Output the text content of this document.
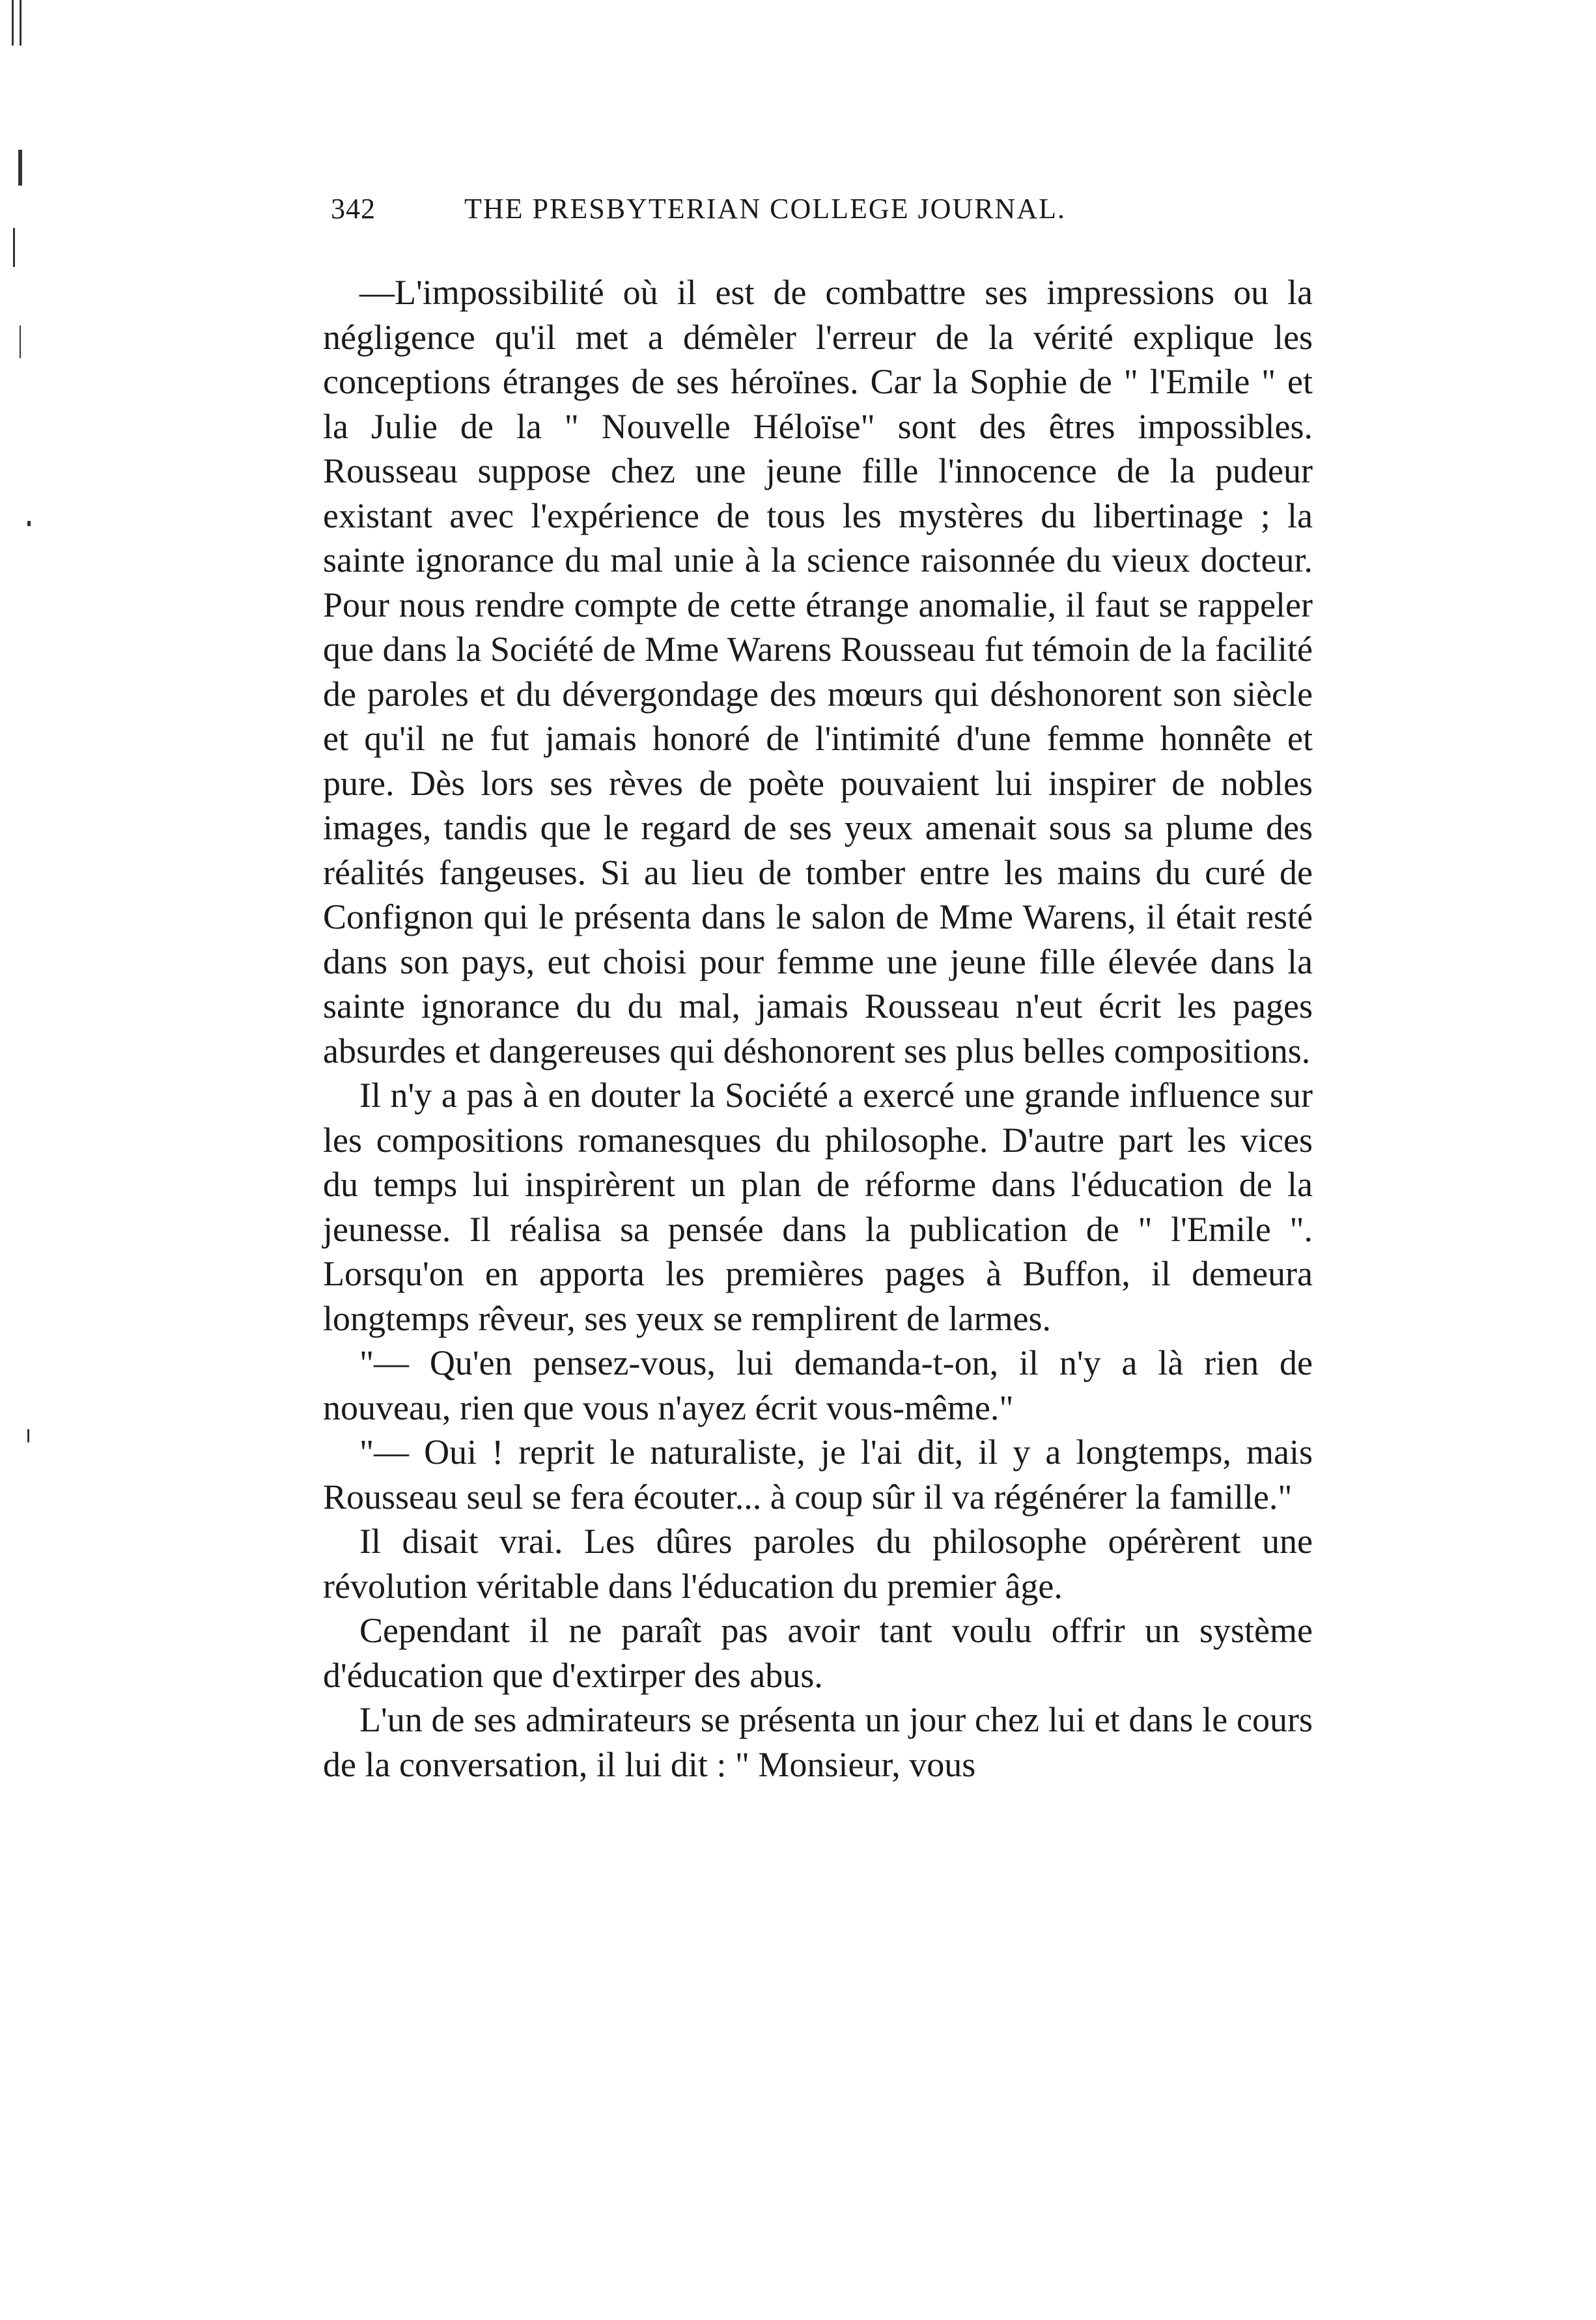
342	THE PRESBYTERIAN COLLEGE JOURNAL.

—L'impossibilité où il est de combattre ses impressions ou la négligence qu'il met a démèler l'erreur de la vérité explique les conceptions étranges de ses héroïnes. Car la Sophie de " l'Emile " et la Julie de la " Nouvelle Héloïse" sont des êtres impossibles. Rousseau suppose chez une jeune fille l'innocence de la pudeur existant avec l'expérience de tous les mystères du libertinage ; la sainte ignorance du mal unie à la science raisonnée du vieux docteur. Pour nous rendre compte de cette étrange anomalie, il faut se rappeler que dans la Société de Mme Warens Rousseau fut témoin de la facilité de paroles et du dévergondage des mœurs qui déshonorent son siècle et qu'il ne fut jamais honoré de l'intimité d'une femme honnête et pure. Dès lors ses rèves de poète pouvaient lui inspirer de nobles images, tandis que le regard de ses yeux amenait sous sa plume des réalités fangeuses. Si au lieu de tomber entre les mains du curé de Confignon qui le présenta dans le salon de Mme Warens, il était resté dans son pays, eut choisi pour femme une jeune fille élevée dans la sainte ignorance du du mal, jamais Rousseau n'eut écrit les pages absurdes et dangereuses qui déshonorent ses plus belles compositions.

Il n'y a pas à en douter la Société a exercé une grande influence sur les compositions romanesques du philosophe. D'autre part les vices du temps lui inspirèrent un plan de réforme dans l'éducation de la jeunesse. Il réalisa sa pensée dans la publication de " l'Emile ". Lorsqu'on en apporta les premières pages à Buffon, il demeura longtemps rêveur, ses yeux se remplirent de larmes.

"— Qu'en pensez-vous, lui demanda-t-on, il n'y a là rien de nouveau, rien que vous n'ayez écrit vous-même."

"— Oui ! reprit le naturaliste, je l'ai dit, il y a longtemps, mais Rousseau seul se fera écouter... à coup sûr il va régénérer la famille."

Il disait vrai. Les dûres paroles du philosophe opérèrent une révolution véritable dans l'éducation du premier âge.

Cependant il ne paraît pas avoir tant voulu offrir un système d'éducation que d'extirper des abus.

L'un de ses admirateurs se présenta un jour chez lui et dans le cours de la conversation, il lui dit : " Monsieur, vous
